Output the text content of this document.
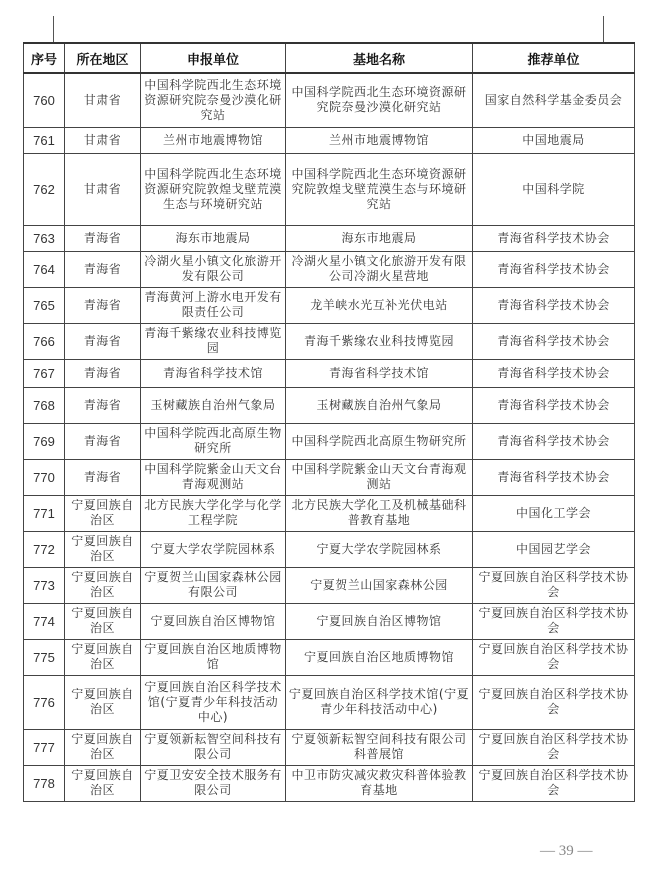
序号	所在地区	申报单位	基地名称	推荐单位
760	甘肃省	中国科学院西北生态环境资源研究院奈曼沙漠化研究站	中国科学院西北生态环境资源研究院奈曼沙漠化研究站	国家自然科学基金委员会
761	甘肃省	兰州市地震博物馆	兰州市地震博物馆	中国地震局
762	甘肃省	中国科学院西北生态环境资源研究院敦煌戈壁荒漠生态与环境研究站	中国科学院西北生态环境资源研究院敦煌戈壁荒漠生态与环境研究站	中国科学院
763	青海省	海东市地震局	海东市地震局	青海省科学技术协会
764	青海省	冷湖火星小镇文化旅游开发有限公司	冷湖火星小镇文化旅游开发有限公司冷湖火星营地	青海省科学技术协会
765	青海省	青海黄河上游水电开发有限责任公司	龙羊峡水光互补光伏电站	青海省科学技术协会
766	青海省	青海千紫缘农业科技博览园	青海千紫缘农业科技博览园	青海省科学技术协会
767	青海省	青海省科学技术馆	青海省科学技术馆	青海省科学技术协会
768	青海省	玉树藏族自治州气象局	玉树藏族自治州气象局	青海省科学技术协会
769	青海省	中国科学院西北高原生物研究所	中国科学院西北高原生物研究所	青海省科学技术协会
770	青海省	中国科学院紫金山天文台青海观测站	中国科学院紫金山天文台青海观测站	青海省科学技术协会
771	宁夏回族自治区	北方民族大学化学与化学工程学院	北方民族大学化工及机械基础科普教育基地	中国化工学会
772	宁夏回族自治区	宁夏大学农学院园林系	宁夏大学农学院园林系	中国园艺学会
773	宁夏回族自治区	宁夏贺兰山国家森林公园有限公司	宁夏贺兰山国家森林公园	宁夏回族自治区科学技术协会
774	宁夏回族自治区	宁夏回族自治区博物馆	宁夏回族自治区博物馆	宁夏回族自治区科学技术协会
775	宁夏回族自治区	宁夏回族自治区地质博物馆	宁夏回族自治区地质博物馆	宁夏回族自治区科学技术协会
776	宁夏回族自治区	宁夏回族自治区科学技术馆(宁夏青少年科技活动中心)	宁夏回族自治区科学技术馆(宁夏青少年科技活动中心)	宁夏回族自治区科学技术协会
777	宁夏回族自治区	宁夏领新耘智空间科技有限公司	宁夏领新耘智空间科技有限公司科普展馆	宁夏回族自治区科学技术协会
778	宁夏回族自治区	宁夏卫安安全技术服务有限公司	中卫市防灾减灾救灾科普体验教育基地	宁夏回族自治区科学技术协会
— 39 —
